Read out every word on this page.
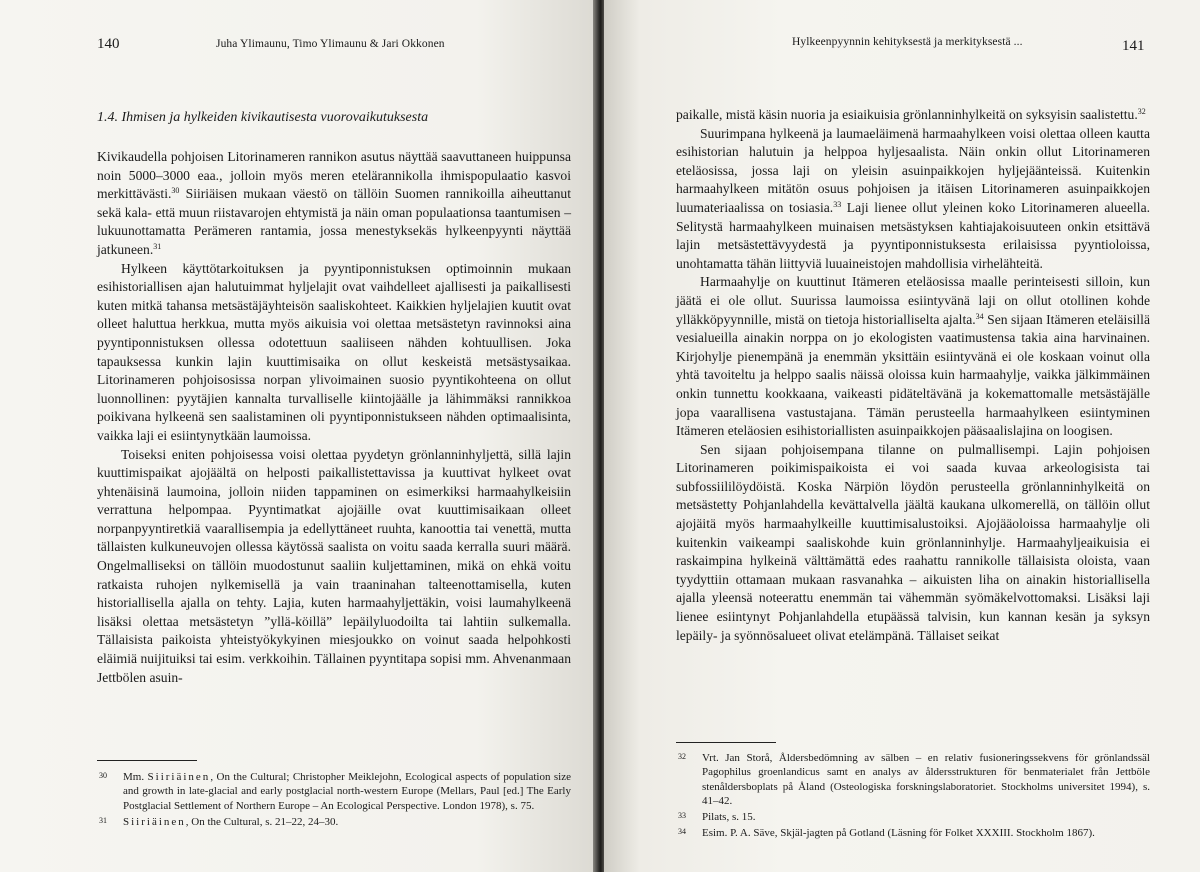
140	Juha Ylimaunu, Timo Ylimaunu & Jari Okkonen
1.4. Ihmisen ja hylkeiden kivikautisesta vuorovaikutuksesta

Kivikaudella pohjoisen Litorinameren rannikon asutus näyttää saavuttaneen huippunsa noin 5000–3000 eaa., jolloin myös meren etelärannikolla ihmispopulaatio kasvoi merkittävästi.$^{30}$ Siiriäisen mukaan väestö on tällöin Suomen rannikoilla aiheuttanut sekä kala- että muun riistavarojen ehtymistä ja näin oman populaationsa taantumisen – lukuunottamatta Perämeren rantamia, jossa menestyksekäs hylkeenpyynti näyttää jatkuneen.$^{31}$

Hylkeen käyttötarkoituksen ja pyyntiponnistuksen optimoinnin mukaan esihistoriallisen ajan halutuimmat hyljelajit ovat vaihdelleet ajallisesti ja paikallisesti kuten mitkä tahansa metsästäjäyhteisön saaliskohteet. Kaikkien hyljelajien kuutit ovat olleet haluttua herkkua, mutta myös aikuisia voi olettaa metsästetyn ravinnoksi aina pyyntiponnistuksen ollessa odotettuun saaliiseen nähden kohtuullisen. Joka tapauksessa kunkin lajin kuuttimisaika on ollut keskeistä metsästysaikaa. Litorinameren pohjoisosissa norpan ylivoimainen suosio pyyntikohteena on ollut luonnollinen: pyytäjien kannalta turvalliselle kiintojäälle ja lähimmäksi rannikkoa poikivana hylkeenä sen saalistaminen oli pyyntiponnistukseen nähden optimaalisinta, vaikka laji ei esiintynytkään laumoissa.

Toiseksi eniten pohjoisessa voisi olettaa pyydetyn grönlanninhyljettä, sillä lajin kuuttimispaikat ajojäältä on helposti paikallistettavissa ja kuuttivat hylkeet ovat yhtenäisinä laumoina, jolloin niiden tappaminen on esimerkiksi harmaahylkeisiin verrattuna helpompaa. Pyyntimatkat ajojäille ovat kuuttimisaikaan olleet norpanpyyntiretkiä vaarallisempia ja edellyttäneet ruuhta, kanoottia tai venettä, mutta tällaisten kulkuneuvojen ollessa käytössä saalista on voitu saada kerralla suuri määrä. Ongelmalliseksi on tällöin muodostunut saaliin kuljettaminen, mikä on ehkä voitu ratkaista ruhojen nylkemisellä ja vain traaninahan talteenottamisella, kuten historiallisella ajalla on tehty. Lajia, kuten harmaahyljettäkin, voisi laumahylkeenä lisäksi olettaa metsästetyn ”yllä-köillä” lepäilyluodoilta tai lahtiin sulkemalla. Tällaisista paikoista yhteistyökykyinen miesjoukko on voinut saada helpohkosti eläimiä nuijituiksi tai esim. verkkoihin. Tällainen pyyntitapa sopisi mm. Ahvenanmaan Jettbölen asuin-

30 Mm. Siiriäinen, On the Cultural; Christopher Meiklejohn, Ecological aspects of population size and growth in late-glacial and early postglacial north-western Europe (Mellars, Paul [ed.] The Early Postglacial Settlement of Northern Europe – An Ecological Perspective. London 1978), s. 75.
31 Siiriäinen, On the Cultural, s. 21–22, 24–30.
Hylkeenpyynnin kehityksestä ja merkityksestä ...	141

paikalle, mistä käsin nuoria ja esiaikuisia grönlanninhylkeitä on syksyisin saalistettu.$^{32}$

Suurimpana hylkeenä ja laumaeläimenä harmaahylkeen voisi olettaa olleen kautta esihistorian halutuin ja helppoa hyljesaalista. Näin onkin ollut Litorinameren eteläosissa, jossa laji on yleisin asuinpaikkojen hyljejäänteissä. Kuitenkin harmaahylkeen mitätön osuus pohjoisen ja itäisen Litorinameren asuinpaikkojen luumateriaalissa on tosiasia.$^{33}$ Laji lienee ollut yleinen koko Litorinameren alueella. Selitystä harmaahylkeen muinaisen metsästyksen kahtiajakoisuuteen onkin etsittävä lajin metsästettävyydestä ja pyyntiponnistuksesta erilaisissa pyyntioloissa, unohtamatta tähän liittyviä luuaineistojen mahdollisia virhelähteitä.

Harmaahylje on kuuttinut Itämeren eteläosissa maalle perinteisesti silloin, kun jäätä ei ole ollut. Suurissa laumoissa esiintyvänä laji on ollut otollinen kohde ylläkköpyynnille, mistä on tietoja historialliselta ajalta.$^{34}$ Sen sijaan Itämeren eteläisillä vesialueilla ainakin norppa on jo ekologisten vaatimustensa takia aina harvinainen. Kirjohylje pienempänä ja enemmän yksittäin esiintyvänä ei ole koskaan voinut olla yhtä tavoiteltu ja helppo saalis näissä oloissa kuin harmaahylje, vaikka jälkimmäinen onkin tunnettu kookkaana, vaikeasti pidäteltävänä ja kokemattomalle metsästäjälle jopa vaarallisena vastustajana. Tämän perusteella harmaahylkeen esiintyminen Itämeren eteläosien esihistoriallisten asuinpaikkojen pääsaalislajina on loogisen.

Sen sijaan pohjoisempana tilanne on pulmallisempi. Lajin pohjoisen Litorinameren poikimispaikoista ei voi saada kuvaa arkeologisista tai subfossiililöydöistä. Koska Närpiön löydön perusteella grönlanninhylkeitä on metsästetty Pohjanlahdella kevättalvella jäältä kaukana ulkomerellä, on tällöin ollut ajojäitä myös harmaahylkeille kuuttimisalustoiksi. Ajojääoloissa harmaahylje oli kuitenkin vaikeampi saaliskohde kuin grönlanninhylje. Harmaahyljeaikuisia ei raskaimpina hylkeinä välttämättä edes raahattu rannikolle tällaisista oloista, vaan tyydyttiin ottamaan mukaan rasvanahka – aikuisten liha on ainakin historiallisella ajalla yleensä noteerattu enemmän tai vähemmän syömäkelvottomaksi. Lisäksi laji lienee esiintynyt Pohjanlahdella etupäässä talvisin, kun kannan kesän ja syksyn lepäily- ja syönnösalueet olivat etelämpänä. Tällaiset seikat

32 Vrt. Jan Storå, Åldersbedömning av sälben – en relativ fusioneringssekvens för grönlandssäl Pagophilus groenlandicus samt en analys av åldersstrukturen för benmaterialet från Jettböle stenåldersboplats på Åland (Osteologiska forskningslaboratoriet. Stockholms universitet 1994), s. 41–42.
33 Pilats, s. 15.
34 Esim. P. A. Säve, Skjäl-jagten på Gotland (Läsning för Folket XXXIII. Stockholm 1867).
